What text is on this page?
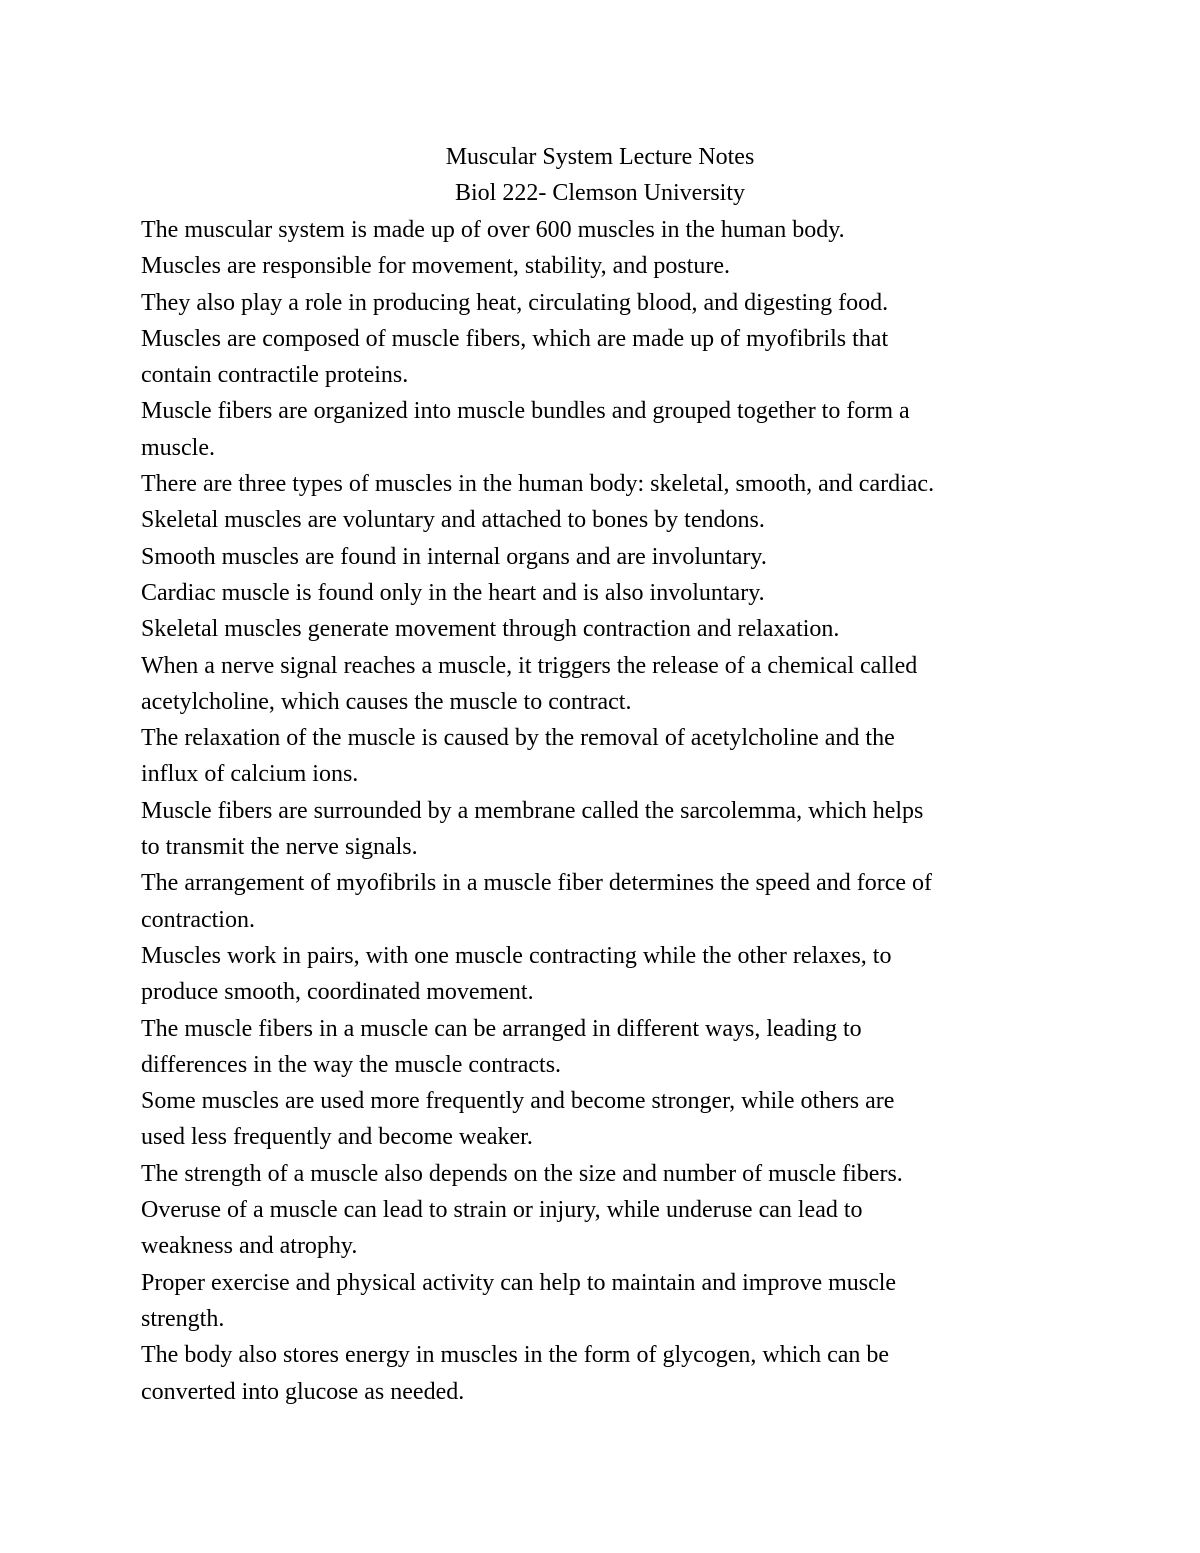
Muscular System Lecture Notes
Biol 222- Clemson University
The muscular system is made up of over 600 muscles in the human body.
Muscles are responsible for movement, stability, and posture.
They also play a role in producing heat, circulating blood, and digesting food.
Muscles are composed of muscle fibers, which are made up of myofibrils that
contain contractile proteins.
Muscle fibers are organized into muscle bundles and grouped together to form a
muscle.
There are three types of muscles in the human body: skeletal, smooth, and cardiac.
Skeletal muscles are voluntary and attached to bones by tendons.
Smooth muscles are found in internal organs and are involuntary.
Cardiac muscle is found only in the heart and is also involuntary.
Skeletal muscles generate movement through contraction and relaxation.
When a nerve signal reaches a muscle, it triggers the release of a chemical called
acetylcholine, which causes the muscle to contract.
The relaxation of the muscle is caused by the removal of acetylcholine and the
influx of calcium ions.
Muscle fibers are surrounded by a membrane called the sarcolemma, which helps
to transmit the nerve signals.
The arrangement of myofibrils in a muscle fiber determines the speed and force of
contraction.
Muscles work in pairs, with one muscle contracting while the other relaxes, to
produce smooth, coordinated movement.
The muscle fibers in a muscle can be arranged in different ways, leading to
differences in the way the muscle contracts.
Some muscles are used more frequently and become stronger, while others are
used less frequently and become weaker.
The strength of a muscle also depends on the size and number of muscle fibers.
Overuse of a muscle can lead to strain or injury, while underuse can lead to
weakness and atrophy.
Proper exercise and physical activity can help to maintain and improve muscle
strength.
The body also stores energy in muscles in the form of glycogen, which can be
converted into glucose as needed.
